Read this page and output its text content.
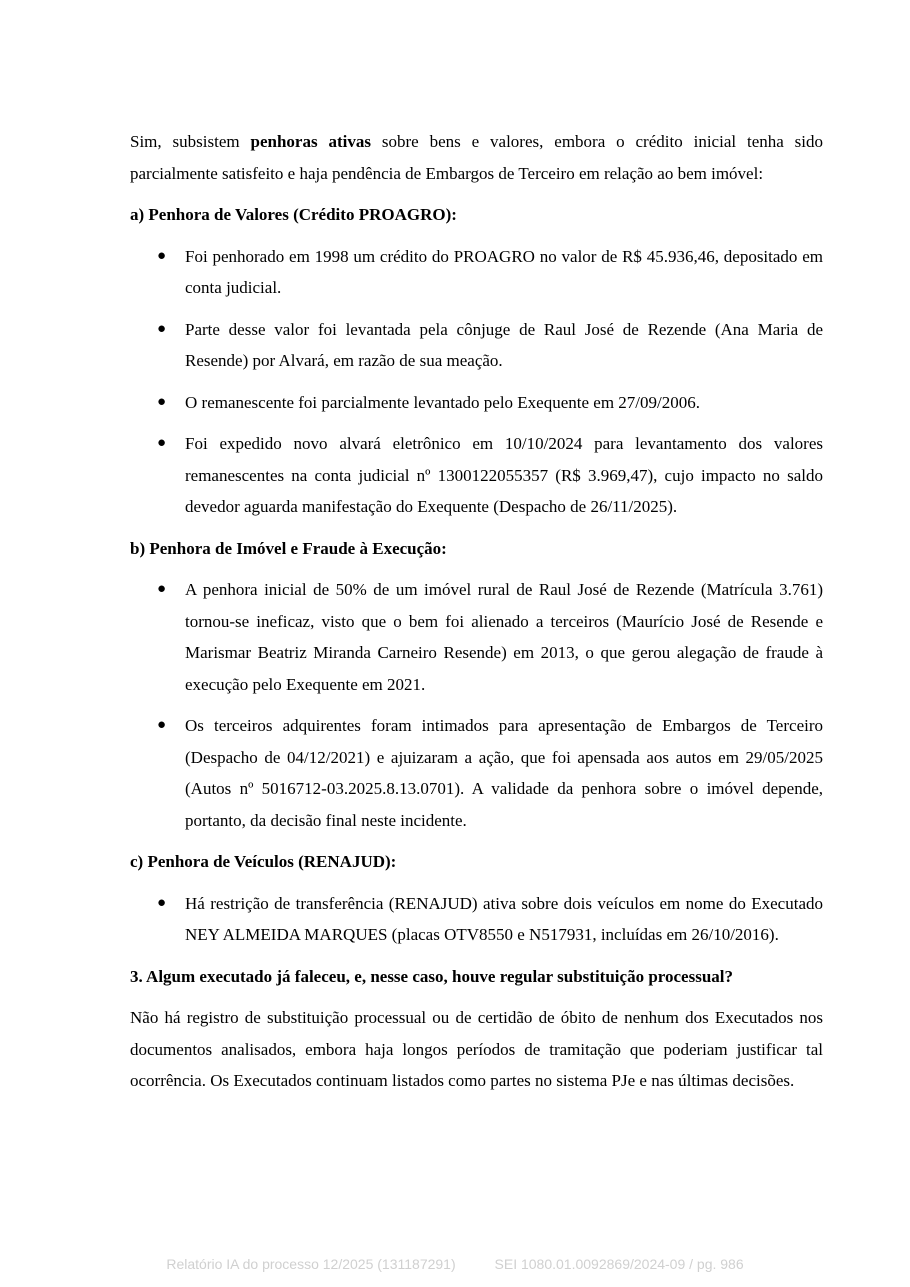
Sim, subsistem penhoras ativas sobre bens e valores, embora o crédito inicial tenha sido parcialmente satisfeito e haja pendência de Embargos de Terceiro em relação ao bem imóvel:

a) Penhora de Valores (Crédito PROAGRO):
● Foi penhorado em 1998 um crédito do PROAGRO no valor de R$ 45.936,46, depositado em conta judicial.
● Parte desse valor foi levantada pela cônjuge de Raul José de Rezende (Ana Maria de Resende) por Alvará, em razão de sua meação.
● O remanescente foi parcialmente levantado pelo Exequente em 27/09/2006.
● Foi expedido novo alvará eletrônico em 10/10/2024 para levantamento dos valores remanescentes na conta judicial nº 1300122055357 (R$ 3.969,47), cujo impacto no saldo devedor aguarda manifestação do Exequente (Despacho de 26/11/2025).
b) Penhora de Imóvel e Fraude à Execução:
● A penhora inicial de 50% de um imóvel rural de Raul José de Rezende (Matrícula 3.761) tornou-se ineficaz, visto que o bem foi alienado a terceiros (Maurício José de Resende e Marismar Beatriz Miranda Carneiro Resende) em 2013, o que gerou alegação de fraude à execução pelo Exequente em 2021.
● Os terceiros adquirentes foram intimados para apresentação de Embargos de Terceiro (Despacho de 04/12/2021) e ajuizaram a ação, que foi apensada aos autos em 29/05/2025 (Autos nº 5016712-03.2025.8.13.0701). A validade da penhora sobre o imóvel depende, portanto, da decisão final neste incidente.
c) Penhora de Veículos (RENAJUD):
● Há restrição de transferência (RENAJUD) ativa sobre dois veículos em nome do Executado NEY ALMEIDA MARQUES (placas OTV8550 e N517931, incluídas em 26/10/2016).
3. Algum executado já faleceu, e, nesse caso, houve regular substituição processual?

Não há registro de substituição processual ou de certidão de óbito de nenhum dos Executados nos documentos analisados, embora haja longos períodos de tramitação que poderiam justificar tal ocorrência. Os Executados continuam listados como partes no sistema PJe e nas últimas decisões.

Relatório IA do processo 12/2025 (131187291)	SEI 1080.01.0092869/2024-09 / pg. 986
